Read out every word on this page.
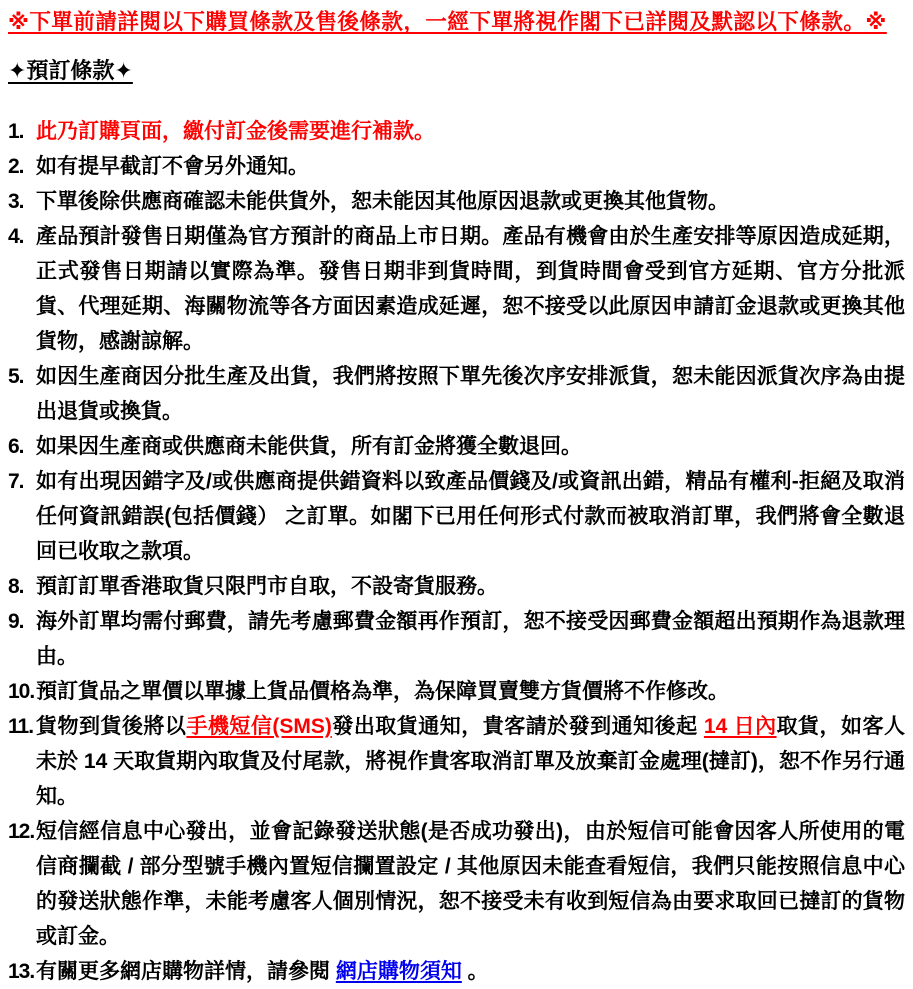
※下單前請詳閱以下購買條款及售後條款，一經下單將視作閣下已詳閱及默認以下條款。※
✦預訂條款✦
1. 此乃訂購頁面，繳付訂金後需要進行補款。
2. 如有提早截訂不會另外通知。
3. 下單後除供應商確認未能供貨外，恕未能因其他原因退款或更換其他貨物。
4. 產品預計發售日期僅為官方預計的商品上市日期。產品有機會由於生產安排等原因造成延期，正式發售日期請以實際為準。發售日期非到貨時間，到貨時間會受到官方延期、官方分批派貨、代理延期、海關物流等各方面因素造成延遲，恕不接受以此原因申請訂金退款或更換其他貨物，感謝諒解。
5. 如因生產商因分批生產及出貨，我們將按照下單先後次序安排派貨，恕未能因派貨次序為由提出退貨或換貨。
6. 如果因生產商或供應商未能供貨，所有訂金將獲全數退回。
7. 如有出現因錯字及/或供應商提供錯資料以致產品價錢及/或資訊出錯，精品有權利-拒絕及取消任何資訊錯誤(包括價錢） 之訂單。如閣下已用任何形式付款而被取消訂單，我們將會全數退回已收取之款項。
8. 預訂訂單香港取貨只限門市自取，不設寄貨服務。
9. 海外訂單均需付郵費，請先考慮郵費金額再作預訂，恕不接受因郵費金額超出預期作為退款理由。
10. 預訂貨品之單價以單據上貨品價格為準，為保障買賣雙方貨價將不作修改。
11. 貨物到貨後將以手機短信(SMS)發出取貨通知，貴客請於發到通知後起 14 日內取貨，如客人未於 14 天取貨期內取貨及付尾款，將視作貴客取消訂單及放棄訂金處理(撻訂)，恕不作另行通知。
12. 短信經信息中心發出，並會記錄發送狀態(是否成功發出)，由於短信可能會因客人所使用的電信商攔截 / 部分型號手機內置短信攔置設定 / 其他原因未能查看短信，我們只能按照信息中心的發送狀態作準，未能考慮客人個別情況，恕不接受未有收到短信為由要求取回已撻訂的貨物或訂金。
13. 有關更多網店購物詳情，請參閱 網店購物須知 。
